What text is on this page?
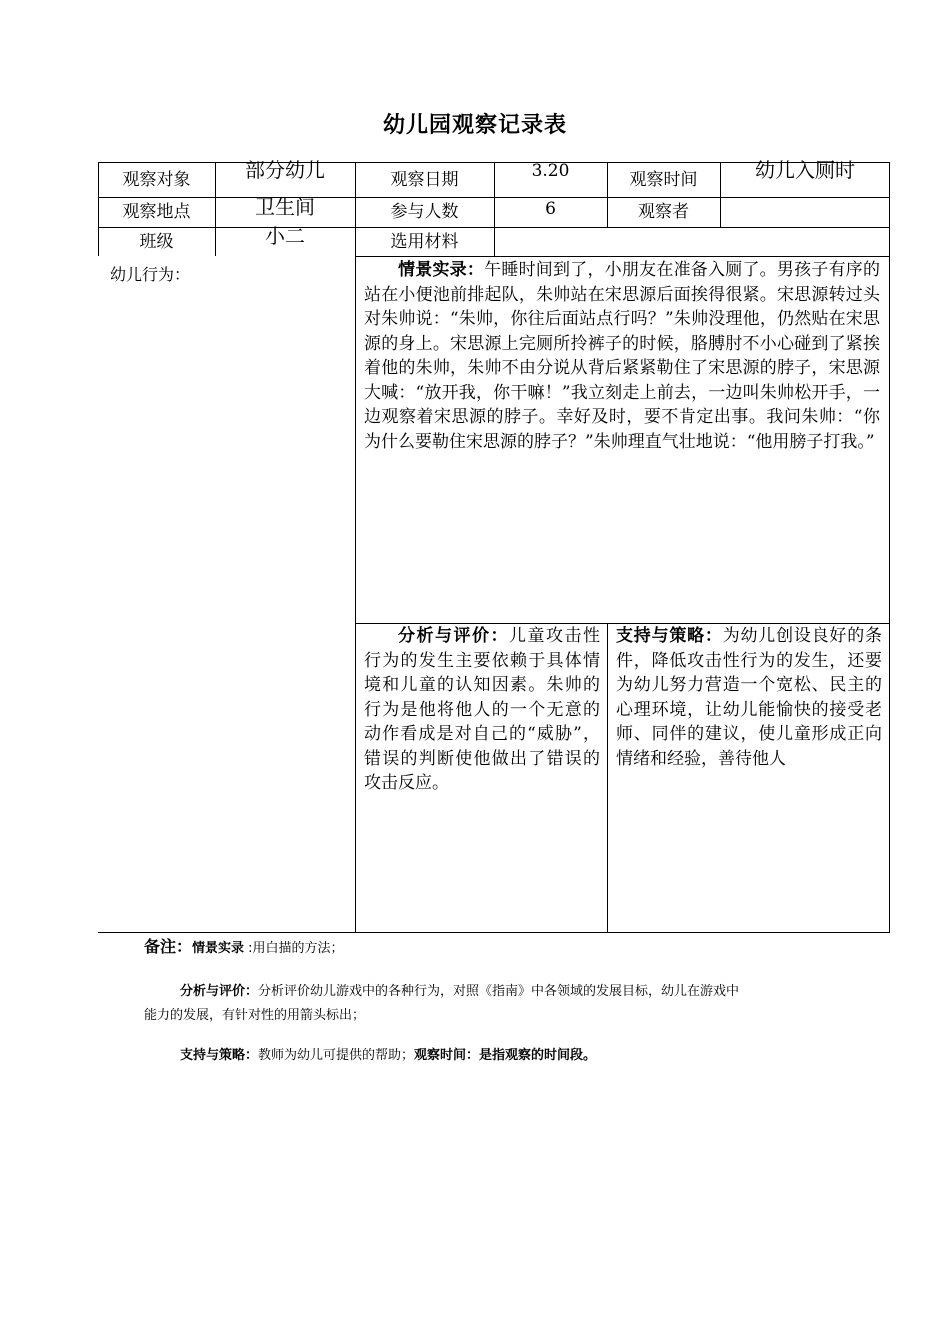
幼儿园观察记录表
观察对象	部分幼儿	观察日期	3.20	观察时间	幼儿入厕时
观察地点	卫生间	参与人数	6	观察者
班级	小二	选用材料
幼儿行为：	情景实录：午睡时间到了，小朋友在准备入厕了。男孩子有序的站在小便池前排起队，朱帅站在宋思源后面挨得很紧。宋思源转过头对朱帅说：“朱帅，你往后面站点行吗？”朱帅没理他，仍然贴在宋思源的身上。宋思源上完厕所拎裤子的时候，胳膊肘不小心碰到了紧挨着他的朱帅，朱帅不由分说从背后紧紧勒住了宋思源的脖子，宋思源大喊：“放开我，你干嘛！”我立刻走上前去，一边叫朱帅松开手，一边观察着宋思源的脖子。幸好及时，要不肯定出事。我问朱帅：“你为什么要勒住宋思源的脖子？”朱帅理直气壮地说：“他用膀子打我。”

分析与评价：儿童攻击性行为的发生主要依赖于具体情境和儿童的认知因素。朱帅的行为是他将他人的一个无意的动作看成是对自己的“威胁”，错误的判断使他做出了错误的攻击反应。

支持与策略：为幼儿创设良好的条件，降低攻击性行为的发生，还要为幼儿努力营造一个宽松、民主的心理环境，让幼儿能愉快的接受老师、同伴的建议，使儿童形成正向情绪和经验，善待他人

备注：情景实录 :用白描的方法；
分析与评价：分析评价幼儿游戏中的各种行为，对照《指南》中各领域的发展目标，幼儿在游戏中
能力的发展，有针对性的用箭头标出；
支持与策略：教师为幼儿可提供的帮助；观察时间：是指观察的时间段。
